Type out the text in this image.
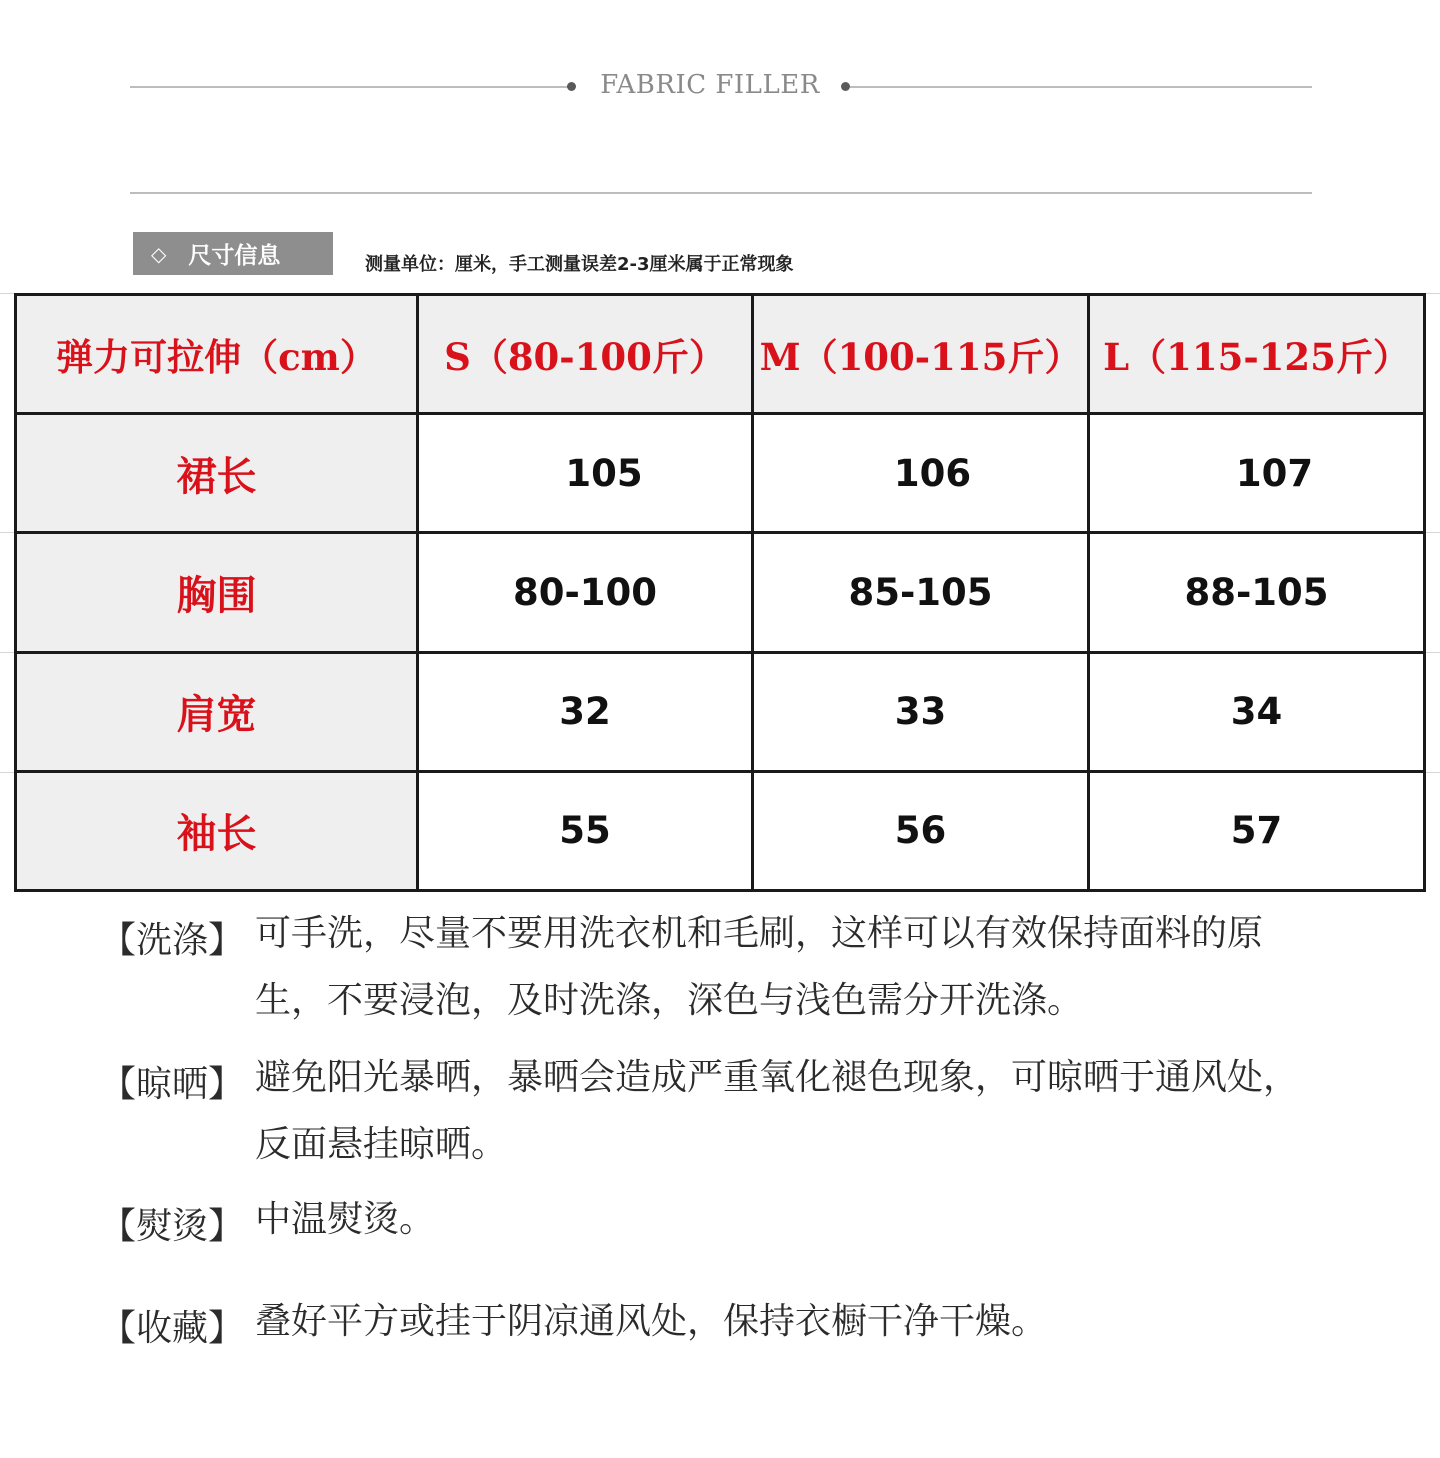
FABRIC FILLER
◇ 尺寸信息	测量单位：厘米，手工测量误差2-3厘米属于正常现象
弹力可拉伸（cm）	S（80-100斤）	M（100-115斤）	L（115-125斤）
裙长	105	106	107
胸围	80-100	85-105	88-105
肩宽	32	33	34
袖长	55	56	57
【洗涤】 可手洗，尽量不要用洗衣机和毛刷，这样可以有效保持面料的原生，不要浸泡，及时洗涤，深色与浅色需分开洗涤。
【晾晒】 避免阳光暴晒，暴晒会造成严重氧化褪色现象，可晾晒于通风处，反面悬挂晾晒。
【熨烫】 中温熨烫。
【收藏】 叠好平方或挂于阴凉通风处，保持衣橱干净干燥。
